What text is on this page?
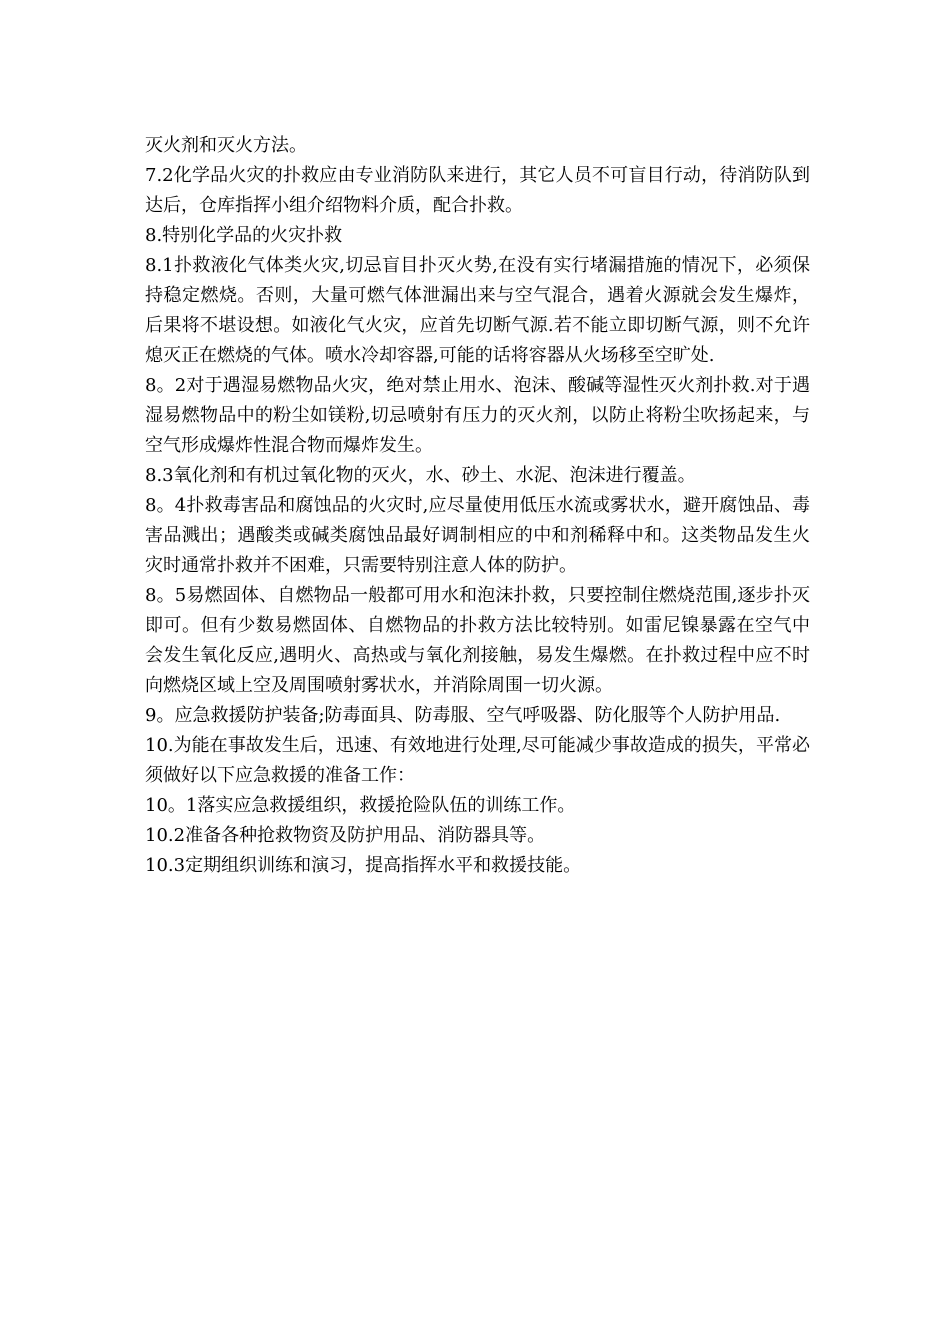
灭火剂和灭火方法。

7.2化学品火灾的扑救应由专业消防队来进行，其它人员不可盲目行动，待消防队到达后，仓库指挥小组介绍物料介质，配合扑救。

8.特别化学品的火灾扑救

8.1扑救液化气体类火灾,切忌盲目扑灭火势,在没有实行堵漏措施的情况下，必须保持稳定燃烧。否则，大量可燃气体泄漏出来与空气混合，遇着火源就会发生爆炸，后果将不堪设想。如液化气火灾，应首先切断气源.若不能立即切断气源，则不允许熄灭正在燃烧的气体。喷水冷却容器,可能的话将容器从火场移至空旷处.

8。2对于遇湿易燃物品火灾，绝对禁止用水、泡沫、酸碱等湿性灭火剂扑救.对于遇湿易燃物品中的粉尘如镁粉,切忌喷射有压力的灭火剂，以防止将粉尘吹扬起来，与空气形成爆炸性混合物而爆炸发生。

8.3氧化剂和有机过氧化物的灭火，水、砂土、水泥、泡沫进行覆盖。

8。4扑救毒害品和腐蚀品的火灾时,应尽量使用低压水流或雾状水，避开腐蚀品、毒害品溅出；遇酸类或碱类腐蚀品最好调制相应的中和剂稀释中和。这类物品发生火灾时通常扑救并不困难，只需要特别注意人体的防护。

8。5易燃固体、自燃物品一般都可用水和泡沫扑救，只要控制住燃烧范围,逐步扑灭即可。但有少数易燃固体、自燃物品的扑救方法比较特别。如雷尼镍暴露在空气中会发生氧化反应,遇明火、高热或与氧化剂接触，易发生爆燃。在扑救过程中应不时向燃烧区域上空及周围喷射雾状水，并消除周围一切火源。

9。应急救援防护装备;防毒面具、防毒服、空气呼吸器、防化服等个人防护用品.

10.为能在事故发生后，迅速、有效地进行处理,尽可能减少事故造成的损失，平常必须做好以下应急救援的准备工作：

10。1落实应急救援组织，救援抢险队伍的训练工作。

10.2准备各种抢救物资及防护用品、消防器具等。

10.3定期组织训练和演习，提高指挥水平和救援技能。
